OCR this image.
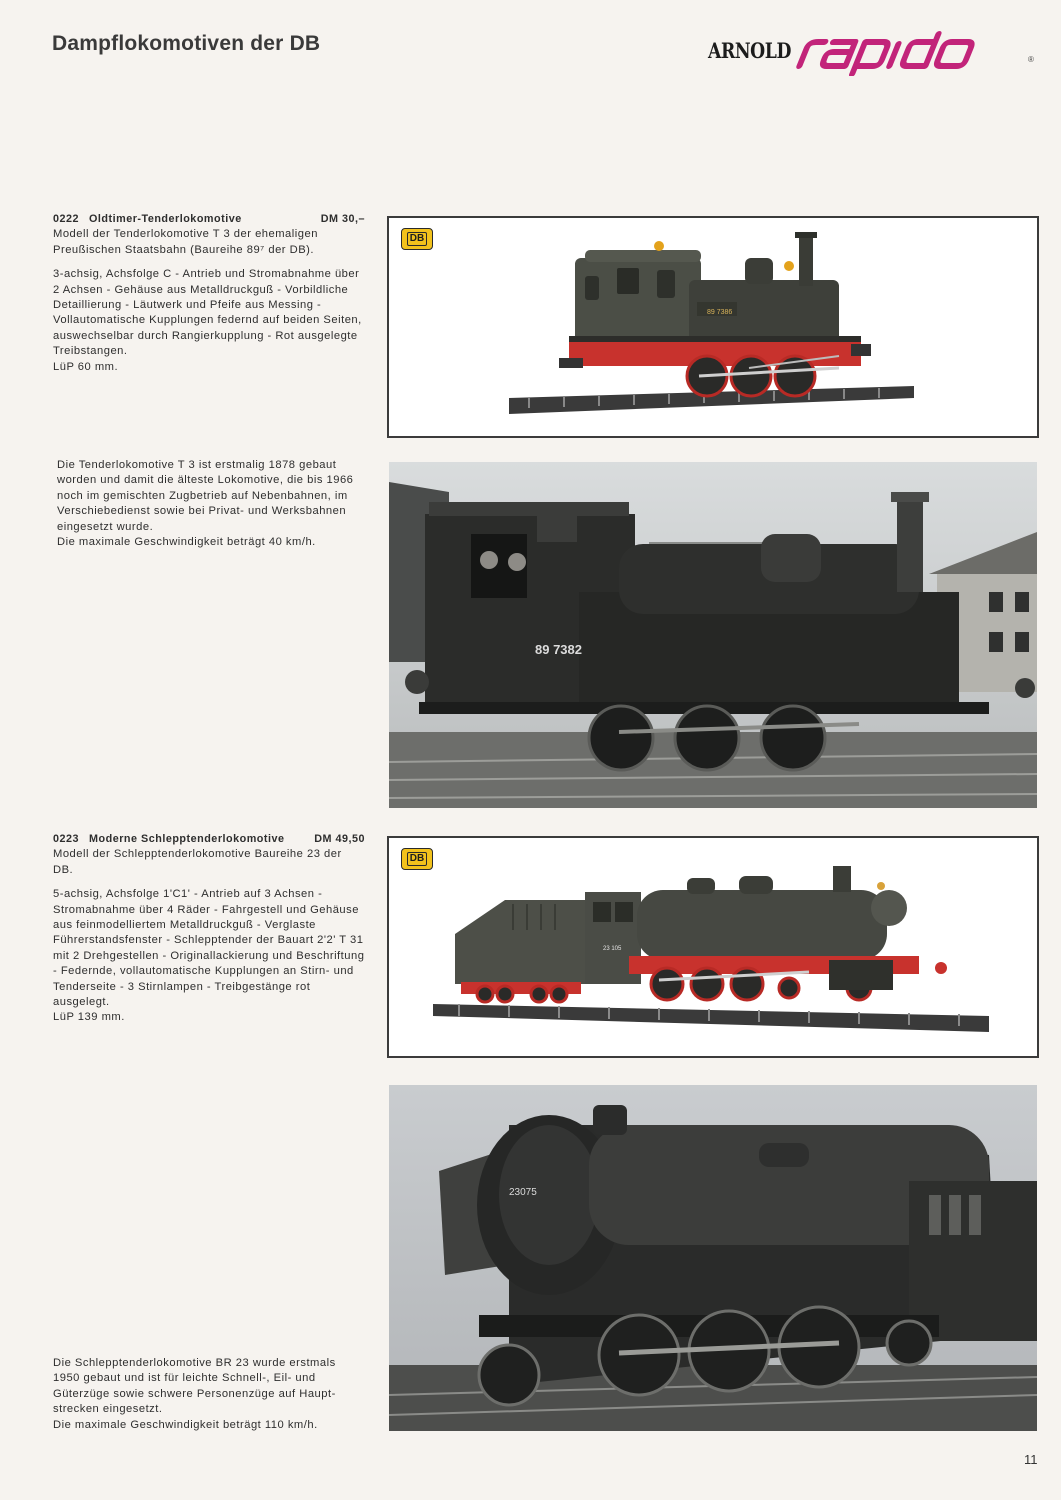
Dampflokomotiven der DB	ARNOLD	®
0222 Oldtimer-Tenderlokomotive	DM 30,–

Modell der Tenderlokomotive T 3 der ehemaligen Preußischen Staatsbahn (Baureihe 89⁷ der DB).

3-achsig, Achsfolge C - Antrieb und Stromabnahme über 2 Achsen - Gehäuse aus Metalldruckguß - Vorbildliche Detaillierung - Läutwerk und Pfeife aus Messing - Vollautomatische Kupplungen federnd auf beiden Seiten, auswechselbar durch Rangierkupplung - Rot ausgelegte Treibstangen.

LüP 60 mm.

DB
89 7386

Die Tenderlokomotive T 3 ist erstmalig 1878 gebaut worden und damit die älteste Lokomotive, die bis 1966 noch im gemischten Zugbetrieb auf Nebenbahnen, im Verschiebedienst sowie bei Privat- und Werksbahnen eingesetzt wurde.

Die maximale Geschwindigkeit beträgt 40 km/h.

89 7382
0223 Moderne Schlepptenderlokomotive	DM 49,50

Modell der Schlepptenderlokomotive Baureihe 23 der DB.

5-achsig, Achsfolge 1'C1' - Antrieb auf 3 Achsen - Stromabnahme über 4 Räder - Fahrgestell und Gehäuse aus feinmodelliertem Metalldruckguß - Verglaste Führerstandsfenster - Schlepptender der Bauart 2'2' T 31 mit 2 Drehgestellen - Originallackierung und Beschriftung - Federnde, vollautomatische Kupplungen an Stirn- und Tenderseite - 3 Stirnlampen - Treibgestänge rot ausgelegt.

LüP 139 mm.

DB
23 105
23075

Die Schlepptenderlokomotive BR 23 wurde erstmals 1950 gebaut und ist für leichte Schnell-, Eil- und Güterzüge sowie schwere Personenzüge auf Hauptstrecken eingesetzt.

Die maximale Geschwindigkeit beträgt 110 km/h.

11
